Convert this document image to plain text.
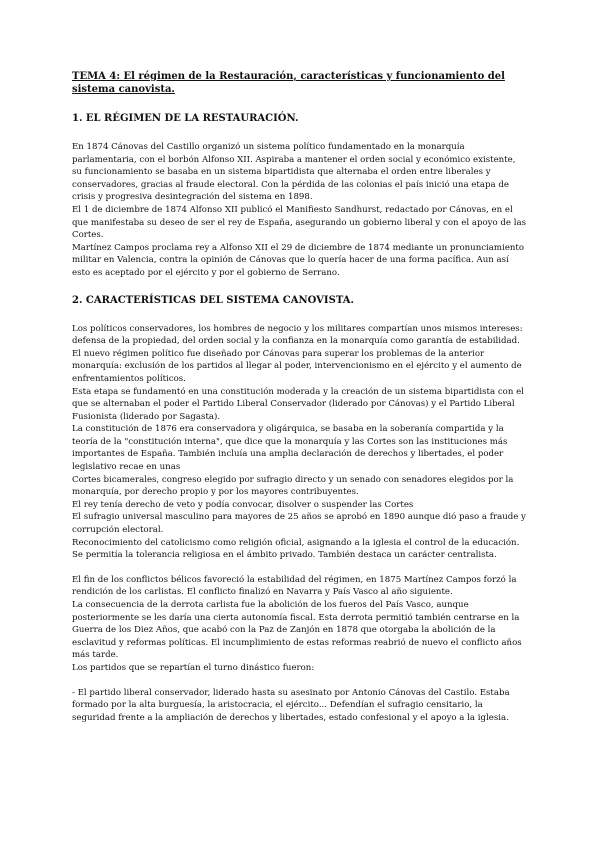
TEMA 4: El régimen de la Restauración, características y funcionamiento del sistema canovista.
1. EL RÉGIMEN DE LA RESTAURACIÓN.

En 1874 Cánovas del Castillo organizó un sistema político fundamentado en la monarquía parlamentaria, con el borbón Alfonso XII. Aspiraba a mantener el orden social y económico existente, su funcionamiento se basaba en un sistema bipartidista que alternaba el orden entre liberales y conservadores, gracias al fraude electoral. Con la pérdida de las colonias el país inició una etapa de crisis y progresiva desintegración del sistema en 1898.

El 1 de diciembre de 1874 Alfonso XII publicó el Manifiesto Sandhurst, redactado por Cánovas, en el que manifestaba su deseo de ser el rey de España, asegurando un gobierno liberal y con el apoyo de las Cortes.

Martínez Campos proclama rey a Alfonso XII el 29 de diciembre de 1874 mediante un pronunciamiento militar en Valencia, contra la opinión de Cánovas que lo quería hacer de una forma pacífica. Aun así esto es aceptado por el ejército y por el gobierno de Serrano.

2. CARACTERÍSTICAS DEL SISTEMA CANOVISTA.

Los políticos conservadores, los hombres de negocio y los militares compartían unos mismos intereses: defensa de la propiedad, del orden social y la confianza en la monarquía como garantía de estabilidad.

El nuevo régimen político fue diseñado por Cánovas para superar los problemas de la anterior monarquía: exclusión de los partidos al llegar al poder, intervencionismo en el ejército y el aumento de enfrentamientos políticos.

Esta etapa se fundamentó en una constitución moderada y la creación de un sistema bipartidista con el que se alternaban el poder el Partido Liberal Conservador (liderado por Cánovas) y el Partido Liberal Fusionista (liderado por Sagasta).

La constitución de 1876 era conservadora y oligárquica, se basaba en la soberanía compartida y la teoría de la "constitución interna", que dice que la monarquía y las Cortes son las instituciones más importantes de España. También incluía una amplia declaración de derechos y libertades, el poder legislativo recae en unas

Cortes bicamerales, congreso elegido por sufragio directo y un senado con senadores elegidos por la monarquía, por derecho propio y por los mayores contribuyentes.

El rey tenía derecho de veto y podía convocar, disolver o suspender las Cortes

El sufragio universal masculino para mayores de 25 años se aprobó en 1890 aunque dió paso a fraude y corrupción electoral.

Reconocimiento del catolicismo como religión oficial, asignando a la iglesia el control de la educación. Se permitía la tolerancia religiosa en el ámbito privado. También destaca un carácter centralista.

El fin de los conflictos bélicos favoreció la estabilidad del régimen, en 1875 Martínez Campos forzó la rendición de los carlistas. El conflicto finalizó en Navarra y País Vasco al año siguiente.

La consecuencia de la derrota carlista fue la abolición de los fueros del País Vasco, aunque posteriormente se les daría una cierta autonomía fiscal. Esta derrota permitió también centrarse en la Guerra de los Diez Años, que acabó con la Paz de Zanjón en 1878 que otorgaba la abolición de la esclavitud y reformas políticas. El incumplimiento de estas reformas reabrió de nuevo el conflicto años más tarde.

Los partidos que se repartían el turno dinástico fueron:

- El partido liberal conservador, liderado hasta su asesinato por Antonio Cánovas del Castilo. Estaba formado por la alta burguesía, la aristocracia, el ejército... Defendían el sufragio censitario, la seguridad frente a la ampliación de derechos y libertades, estado confesional y el apoyo a la iglesia.
